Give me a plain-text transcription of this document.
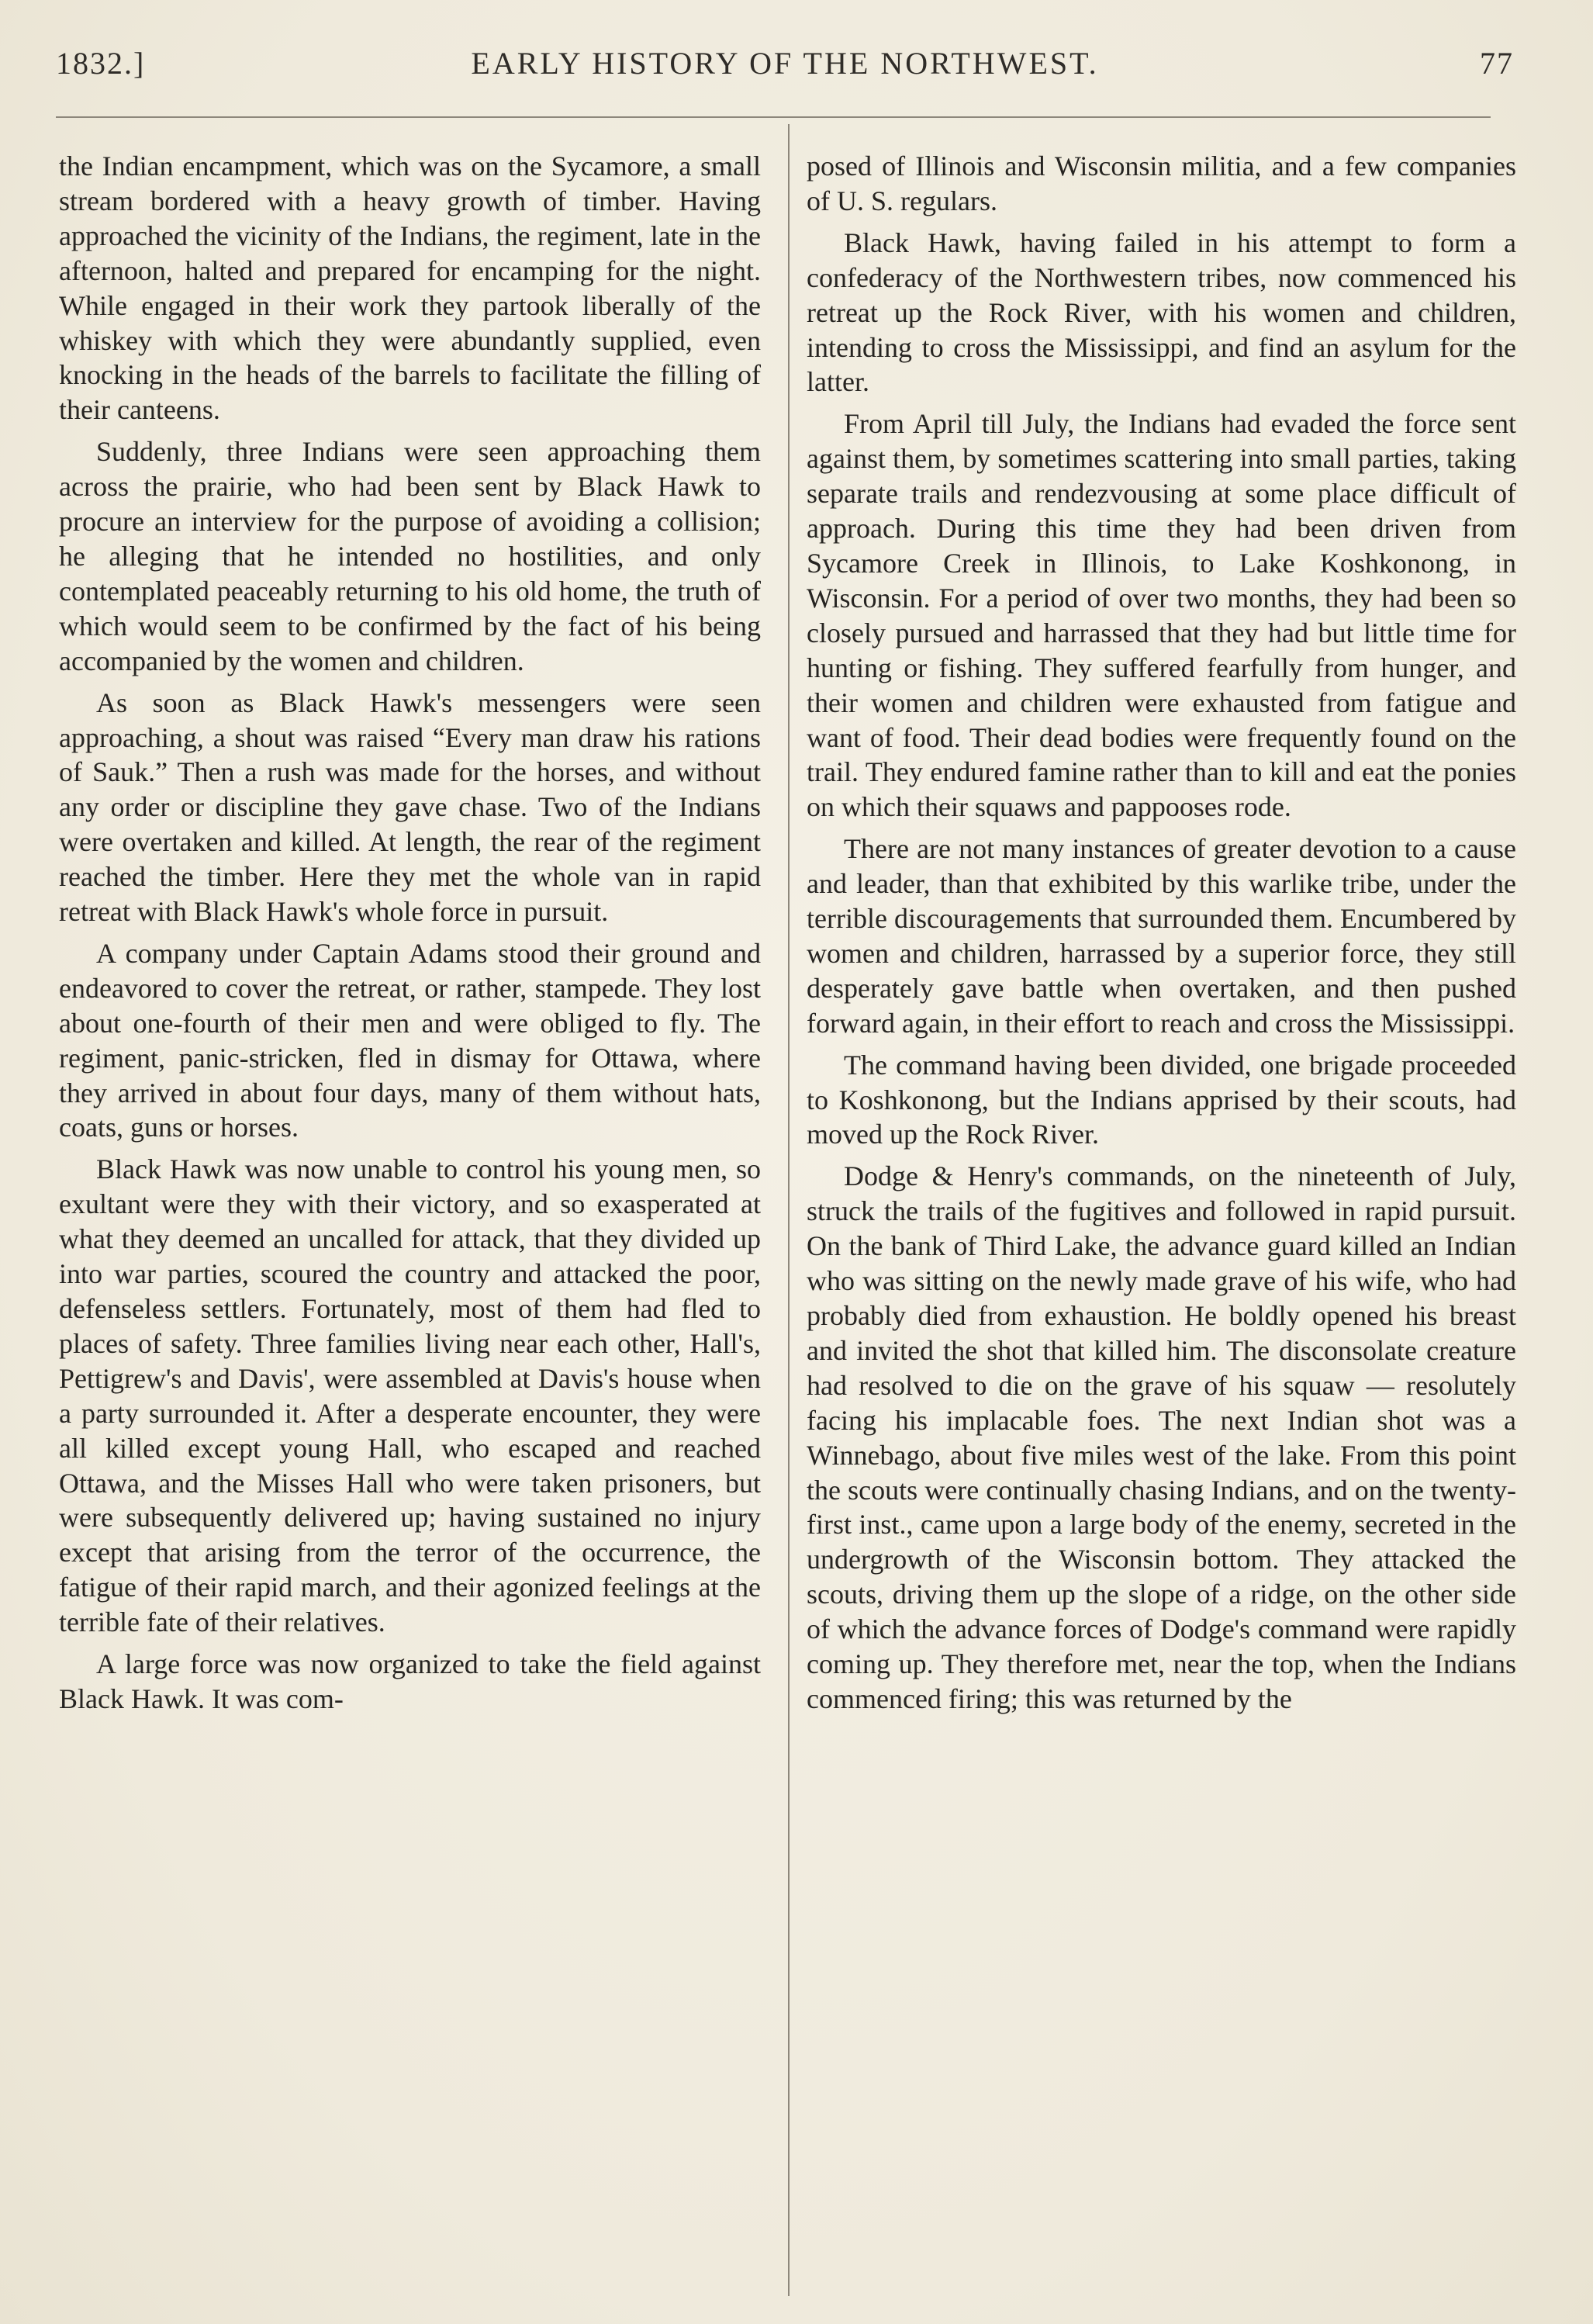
1832.]	EARLY HISTORY OF THE NORTHWEST.	77

the Indian encampment, which was on the Sycamore, a small stream bordered with a heavy growth of timber. Having approached the vicinity of the Indians, the regiment, late in the afternoon, halted and prepared for encamping for the night. While engaged in their work they partook liberally of the whiskey with which they were abundantly supplied, even knocking in the heads of the barrels to facilitate the filling of their canteens.

Suddenly, three Indians were seen approaching them across the prairie, who had been sent by Black Hawk to procure an interview for the purpose of avoiding a collision; he alleging that he intended no hostilities, and only contemplated peaceably returning to his old home, the truth of which would seem to be confirmed by the fact of his being accompanied by the women and children.

As soon as Black Hawk's messengers were seen approaching, a shout was raised “Every man draw his rations of Sauk.” Then a rush was made for the horses, and without any order or discipline they gave chase. Two of the Indians were overtaken and killed. At length, the rear of the regiment reached the timber. Here they met the whole van in rapid retreat with Black Hawk's whole force in pursuit.

A company under Captain Adams stood their ground and endeavored to cover the retreat, or rather, stampede. They lost about one-fourth of their men and were obliged to fly. The regiment, panic-stricken, fled in dismay for Ottawa, where they arrived in about four days, many of them without hats, coats, guns or horses.

Black Hawk was now unable to control his young men, so exultant were they with their victory, and so exasperated at what they deemed an uncalled for attack, that they divided up into war parties, scoured the country and attacked the poor, defenseless settlers. Fortunately, most of them had fled to places of safety. Three families living near each other, Hall's, Pettigrew's and Davis', were assembled at Davis's house when a party surrounded it. After a desperate encounter, they were all killed except young Hall, who escaped and reached Ottawa, and the Misses Hall who were taken prisoners, but were subsequently delivered up; having sustained no injury except that arising from the terror of the occurrence, the fatigue of their rapid march, and their agonized feelings at the terrible fate of their relatives.

A large force was now organized to take the field against Black Hawk. It was com-

posed of Illinois and Wisconsin militia, and a few companies of U. S. regulars.

Black Hawk, having failed in his attempt to form a confederacy of the Northwestern tribes, now commenced his retreat up the Rock River, with his women and children, intending to cross the Mississippi, and find an asylum for the latter.

From April till July, the Indians had evaded the force sent against them, by sometimes scattering into small parties, taking separate trails and rendezvousing at some place difficult of approach. During this time they had been driven from Sycamore Creek in Illinois, to Lake Koshkonong, in Wisconsin. For a period of over two months, they had been so closely pursued and harrassed that they had but little time for hunting or fishing. They suffered fearfully from hunger, and their women and children were exhausted from fatigue and want of food. Their dead bodies were frequently found on the trail. They endured famine rather than to kill and eat the ponies on which their squaws and pappooses rode.

There are not many instances of greater devotion to a cause and leader, than that exhibited by this warlike tribe, under the terrible discouragements that surrounded them. Encumbered by women and children, harrassed by a superior force, they still desperately gave battle when overtaken, and then pushed forward again, in their effort to reach and cross the Mississippi.

The command having been divided, one brigade proceeded to Koshkonong, but the Indians apprised by their scouts, had moved up the Rock River.

Dodge & Henry's commands, on the nineteenth of July, struck the trails of the fugitives and followed in rapid pursuit. On the bank of Third Lake, the advance guard killed an Indian who was sitting on the newly made grave of his wife, who had probably died from exhaustion. He boldly opened his breast and invited the shot that killed him. The disconsolate creature had resolved to die on the grave of his squaw — resolutely facing his implacable foes. The next Indian shot was a Winnebago, about five miles west of the lake. From this point the scouts were continually chasing Indians, and on the twenty-first inst., came upon a large body of the enemy, secreted in the undergrowth of the Wisconsin bottom. They attacked the scouts, driving them up the slope of a ridge, on the other side of which the advance forces of Dodge's command were rapidly coming up. They therefore met, near the top, when the Indians commenced firing; this was returned by the
